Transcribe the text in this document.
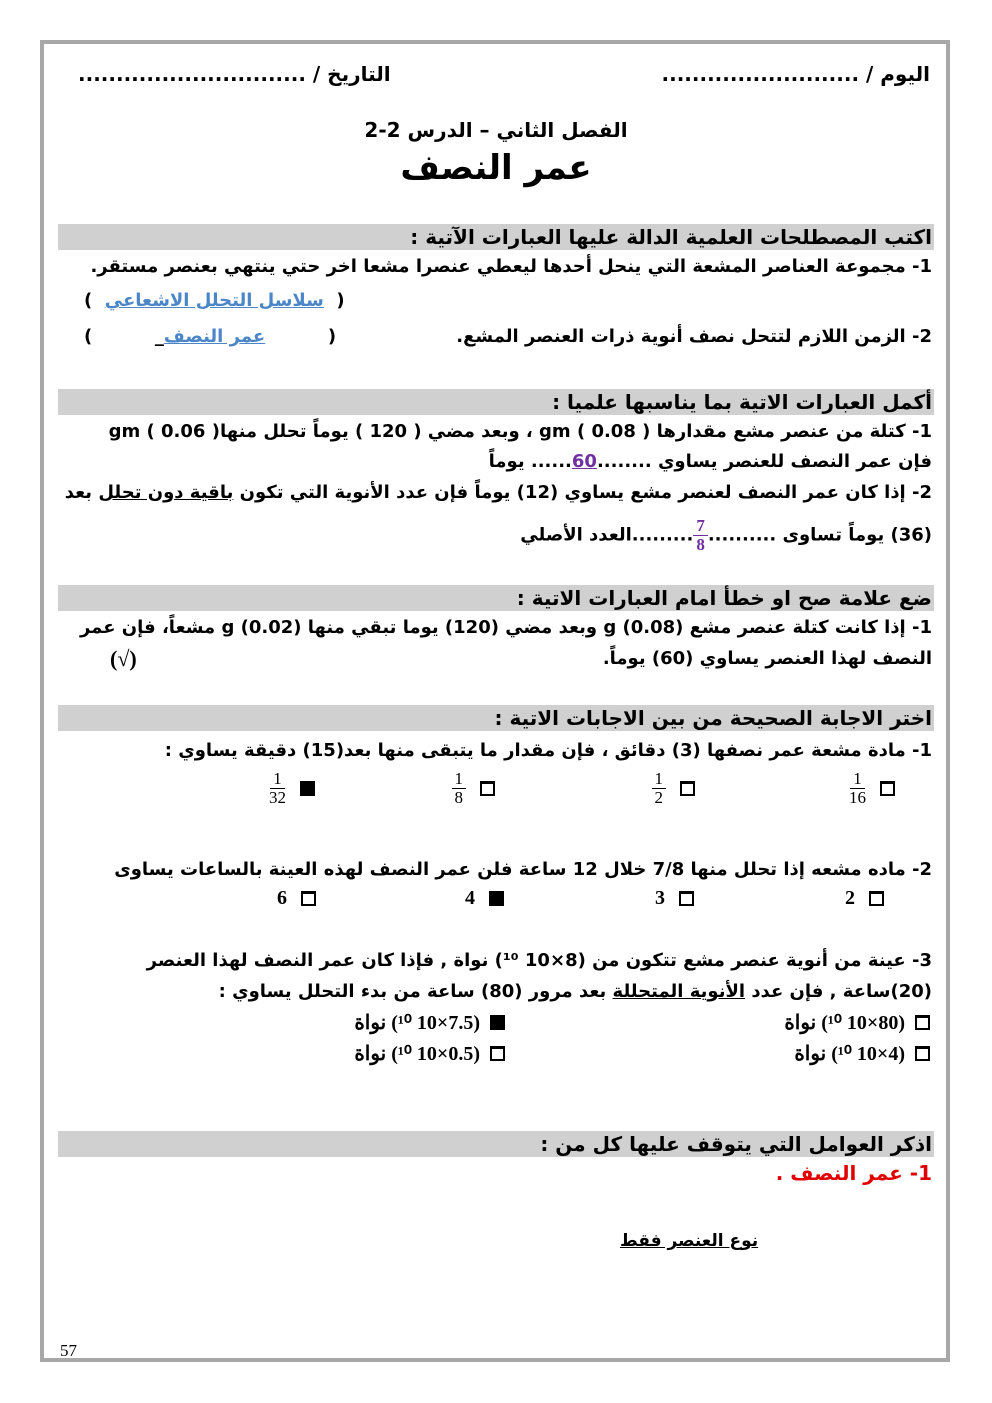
اليوم / ..........................
التاريخ / ..............................
الفصل الثاني – الدرس 2-2
عمر النصف
اكتب المصطلحات العلمية الدالة عليها العبارات الآتية :
1- مجموعة العناصر المشعة التي ينحل أحدها ليعطي عنصرا مشعا اخر حتي ينتهي بعنصر مستقر.
(  سلاسل التحلل الاشعاعي  )
2- الزمن اللازم لتتحل نصف أنوية ذرات العنصر المشع.
(          _عمر النصف          )
أكمل العبارات الاتية بما يناسبها علميا :
1- كتلة من عنصر مشع مقدارها gm ( 0.08 ) ، وبعد مضي ( 120 ) يوماً تحلل منهاgm ( 0.06 )
فإن عمر النصف للعنصر يساوي ........60...... يوماً
2- إذا كان عمر النصف لعنصر مشع يساوي (12) يوماً فإن عدد الأنوية التي تكون باقية دون تحلل بعد
(36) يوماً تساوى ..........
$\frac{7}{8}$
.........العدد الأصلي
ضع علامة صح او خطأ امام العبارات الاتية :
1- إذا كانت كتلة عنصر مشع g (0.08) وبعد مضي (120) يوما تبقي منها g (0.02) مشعاً، فإن عمر
النصف لهذا العنصر يساوي (60) يوماً.
(√)
اختر الاجابة الصحيحة من بين الاجابات الاتية :
1- مادة مشعة عمر نصفها (3) دقائق ، فإن مقدار ما يتبقى منها بعد(15) دقيقة يساوي :
$\frac{1}{16}$
$\frac{1}{2}$
$\frac{1}{8}$
$\frac{1}{32}$
2- ماده مشعه إذا تحلل منها 7/8 خلال 12 ساعة فلن عمر النصف لهذه العينة بالساعات يساوى
2
3
4
6
3- عينة من أنوية عنصر مشع تتكون من (8×10 ¹⁰) نواة , فإذا كان عمر النصف لهذا العنصر
(20)ساعة , فإن عدد الأنوية المتحللة بعد مرور (80) ساعة من بدء التحلل يساوي :
(80×10 ¹⁰) نواة
(7.5×10 ¹⁰) نواة
(4×10 ¹⁰) نواة
(0.5×10 ¹⁰) نواة
اذكر العوامل التي يتوقف عليها كل من :
1- عمر النصف .
نوع العنصر فقط
57
